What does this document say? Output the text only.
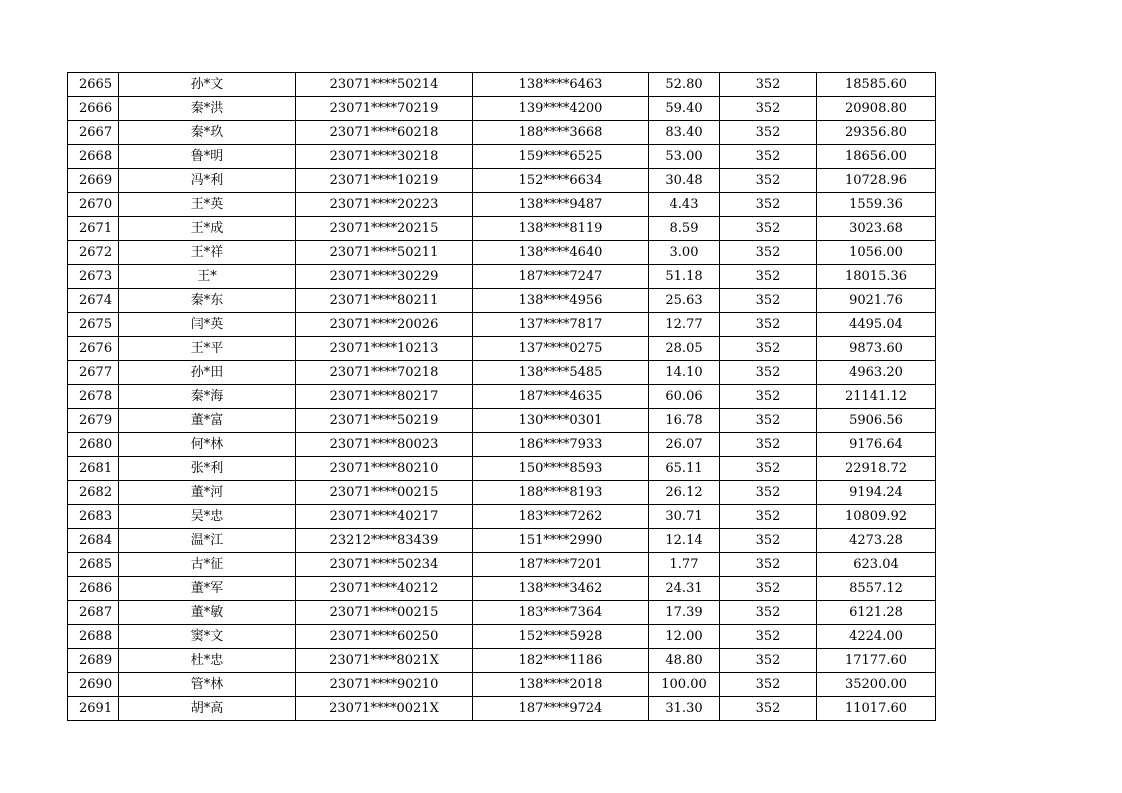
2665	孙*文	23071****50214	138****6463	52.80	352	18585.60
2666	秦*洪	23071****70219	139****4200	59.40	352	20908.80
2667	秦*玖	23071****60218	188****3668	83.40	352	29356.80
2668	鲁*明	23071****30218	159****6525	53.00	352	18656.00
2669	冯*利	23071****10219	152****6634	30.48	352	10728.96
2670	王*英	23071****20223	138****9487	4.43	352	1559.36
2671	王*成	23071****20215	138****8119	8.59	352	3023.68
2672	王*祥	23071****50211	138****4640	3.00	352	1056.00
2673	王*	23071****30229	187****7247	51.18	352	18015.36
2674	秦*东	23071****80211	138****4956	25.63	352	9021.76
2675	闫*英	23071****20026	137****7817	12.77	352	4495.04
2676	王*平	23071****10213	137****0275	28.05	352	9873.60
2677	孙*田	23071****70218	138****5485	14.10	352	4963.20
2678	秦*海	23071****80217	187****4635	60.06	352	21141.12
2679	董*富	23071****50219	130****0301	16.78	352	5906.56
2680	何*林	23071****80023	186****7933	26.07	352	9176.64
2681	张*利	23071****80210	150****8593	65.11	352	22918.72
2682	董*河	23071****00215	188****8193	26.12	352	9194.24
2683	吴*忠	23071****40217	183****7262	30.71	352	10809.92
2684	温*江	23212****83439	151****2990	12.14	352	4273.28
2685	古*征	23071****50234	187****7201	1.77	352	623.04
2686	董*军	23071****40212	138****3462	24.31	352	8557.12
2687	董*敏	23071****00215	183****7364	17.39	352	6121.28
2688	窦*文	23071****60250	152****5928	12.00	352	4224.00
2689	杜*忠	23071****8021X	182****1186	48.80	352	17177.60
2690	管*林	23071****90210	138****2018	100.00	352	35200.00
2691	胡*高	23071****0021X	187****9724	31.30	352	11017.60
